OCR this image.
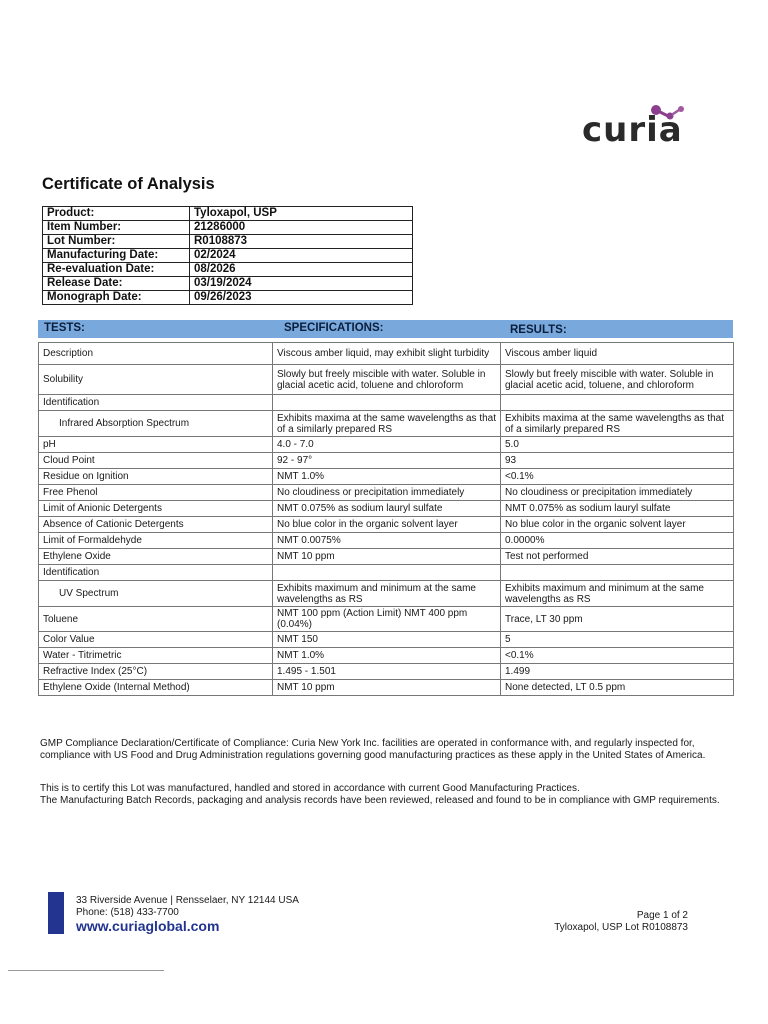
curia
Certificate of Analysis
Product:	Tyloxapol, USP
Item Number:	21286000
Lot Number:	R0108873
Manufacturing Date:	02/2024
Re-evaluation Date:	08/2026
Release Date:	03/19/2024
Monograph Date:	09/26/2023
TESTS:	SPECIFICATIONS:	RESULTS:
Description	Viscous amber liquid, may exhibit slight turbidity	Viscous amber liquid
Solubility	Slowly but freely miscible with water. Soluble in glacial acetic acid, toluene and chloroform	Slowly but freely miscible with water. Soluble in glacial acetic acid, toluene, and chloroform
Identification		
Infrared Absorption Spectrum	Exhibits maxima at the same wavelengths as that of a similarly prepared RS	Exhibits maxima at the same wavelengths as that of a similarly prepared RS
pH	4.0 - 7.0	5.0
Cloud Point	92 - 97°	93
Residue on Ignition	NMT 1.0%	<0.1%
Free Phenol	No cloudiness or precipitation immediately	No cloudiness or precipitation immediately
Limit of Anionic Detergents	NMT 0.075% as sodium lauryl sulfate	NMT 0.075% as sodium lauryl sulfate
Absence of Cationic Detergents	No blue color in the organic solvent layer	No blue color in the organic solvent layer
Limit of Formaldehyde	NMT 0.0075%	0.0000%
Ethylene Oxide	NMT 10 ppm	Test not performed
Identification		
UV Spectrum	Exhibits maximum and minimum at the same wavelengths as RS	Exhibits maximum and minimum at the same wavelengths as RS
Toluene	NMT 100 ppm (Action Limit) NMT 400 ppm (0.04%)	Trace, LT 30 ppm
Color Value	NMT 150	5
Water - Titrimetric	NMT 1.0%	<0.1%
Refractive Index (25°C)	1.495 - 1.501	1.499
Ethylene Oxide (Internal Method)	NMT 10 ppm	None detected, LT 0.5 ppm
GMP Compliance Declaration/Certificate of Compliance: Curia New York Inc. facilities are operated in conformance with, and regularly inspected for, compliance with US Food and Drug Administration regulations governing good manufacturing practices as these apply in the United States of America.
This is to certify this Lot was manufactured, handled and stored in accordance with current Good Manufacturing Practices.
The Manufacturing Batch Records, packaging and analysis records have been reviewed, released and found to be in compliance with GMP requirements.
33 Riverside Avenue | Rensselaer, NY 12144 USA
Phone: (518) 433-7700
www.curiaglobal.com
Page 1 of 2
Tyloxapol, USP Lot R0108873
